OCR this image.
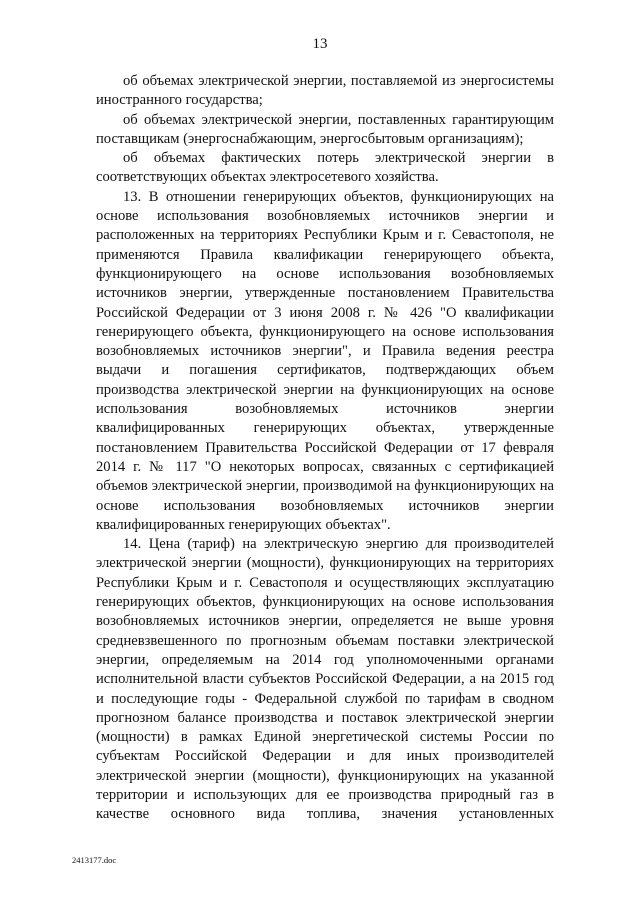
13

об объемах электрической энергии, поставляемой из энергосистемы иностранного государства;

об объемах электрической энергии, поставленных гарантирующим поставщикам (энергоснабжающим, энергосбытовым организациям);

об объемах фактических потерь электрической энергии в соответствующих объектах электросетевого хозяйства.

13. В отношении генерирующих объектов, функционирующих на основе использования возобновляемых источников энергии и расположенных на территориях Республики Крым и г. Севастополя, не применяются Правила квалификации генерирующего объекта, функционирующего на основе использования возобновляемых источников энергии, утвержденные постановлением Правительства Российской Федерации от 3 июня 2008 г. № 426 "О квалификации генерирующего объекта, функционирующего на основе использования возобновляемых источников энергии", и Правила ведения реестра выдачи и погашения сертификатов, подтверждающих объем производства электрической энергии на функционирующих на основе использования возобновляемых источников энергии квалифицированных генерирующих объектах, утвержденные постановлением Правительства Российской Федерации от 17 февраля 2014 г. № 117 "О некоторых вопросах, связанных с сертификацией объемов электрической энергии, производимой на функционирующих на основе использования возобновляемых источников энергии квалифицированных генерирующих объектах".

14. Цена (тариф) на электрическую энергию для производителей электрической энергии (мощности), функционирующих на территориях Республики Крым и г. Севастополя и осуществляющих эксплуатацию генерирующих объектов, функционирующих на основе использования возобновляемых источников энергии, определяется не выше уровня средневзвешенного по прогнозным объемам поставки электрической энергии, определяемым на 2014 год уполномоченными органами исполнительной власти субъектов Российской Федерации, а на 2015 год и последующие годы - Федеральной службой по тарифам в сводном прогнозном балансе производства и поставок электрической энергии (мощности) в рамках Единой энергетической системы России по субъектам Российской Федерации и для иных производителей электрической энергии (мощности), функционирующих на указанной территории и использующих для ее производства природный газ в качестве основного вида топлива, значения установленных

2413177.doc
